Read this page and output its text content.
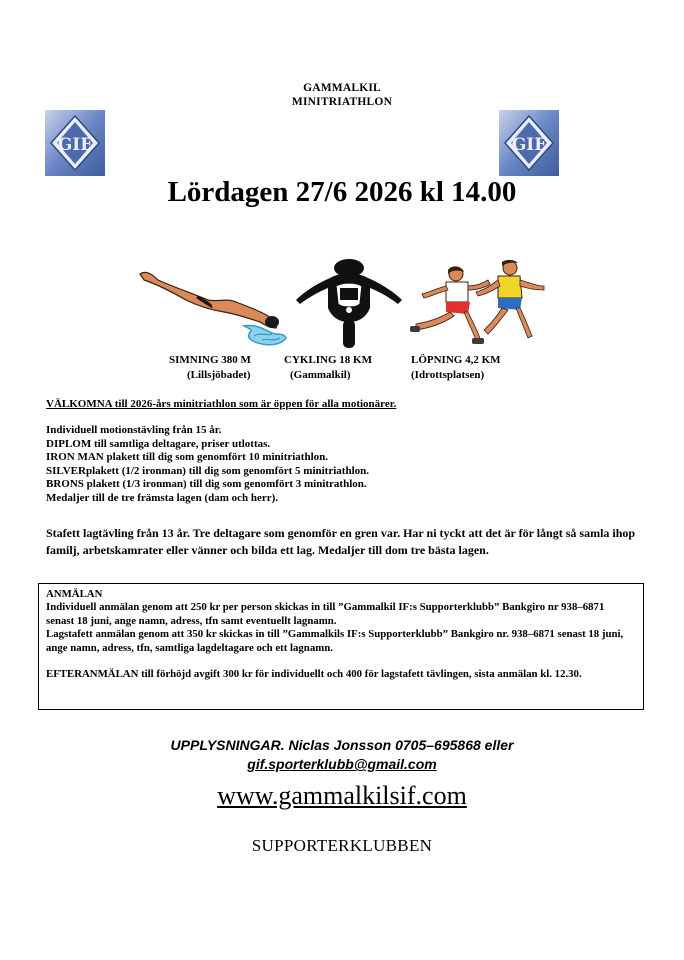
GAMMALKIL
MINITRIATHLON
GIF	GIF
Lördagen 27/6 2026 kl 14.00
SIMNING 380 M
(Lillsjöbadet)
CYKLING 18 KM
(Gammalkil)
LÖPNING 4,2 KM
(Idrottsplatsen)
VÄLKOMNA till 2026-års minitriathlon som är öppen för alla motionärer.
Individuell motionstävling från 15 år.
DIPLOM till samtliga deltagare, priser utlottas.
IRON MAN plakett till dig som genomfört 10 minitriathlon.
SILVERplakett (1/2 ironman) till dig som genomfört 5 minitriathlon.
BRONS plakett (1/3 ironman) till dig som genomfört 3 minitrathlon.
Medaljer till de tre främsta lagen (dam och herr).
Stafett lagtävling från 13 år. Tre deltagare som genomför en gren var. Har ni tyckt att det är för långt så samla ihop familj, arbetskamrater eller vänner och bilda ett lag. Medaljer till dom tre bästa lagen.
ANMÄLAN
Individuell anmälan genom att 250 kr per person skickas in till ”Gammalkil IF:s Supporterklubb” Bankgiro nr 938–6871 senast 18 juni, ange namn, adress, tfn samt eventuellt lagnamn.
Lagstafett anmälan genom att 350 kr skickas in till ”Gammalkils IF:s Supporterklubb” Bankgiro nr. 938–6871 senast 18 juni, ange namn, adress, tfn, samtliga lagdeltagare och ett lagnamn.
EFTERANMÄLAN till förhöjd avgift 300 kr för individuellt och 400 för lagstafett tävlingen, sista anmälan kl. 12.30.
UPPLYSNINGAR. Niclas Jonsson 0705–695868 eller
gif.sporterklubb@gmail.com
www.gammalkilsif.com
SUPPORTERKLUBBEN
